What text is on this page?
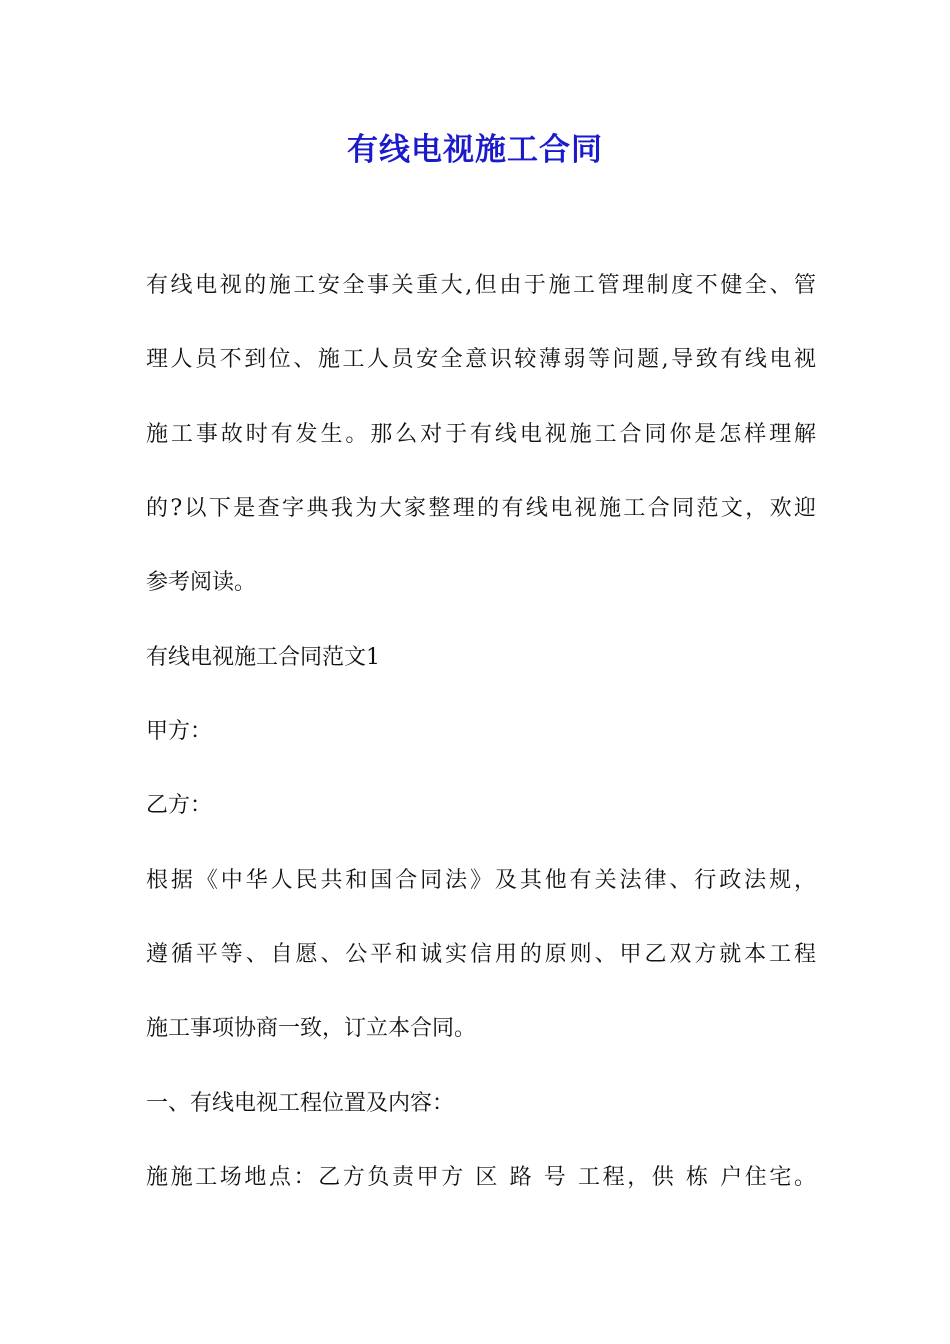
有线电视施工合同

有线电视的施工安全事关重大,但由于施工管理制度不健全、管

理人员不到位、施工人员安全意识较薄弱等问题,导致有线电视

施工事故时有发生。那么对于有线电视施工合同你是怎样理解

的?以下是查字典我为大家整理的有线电视施工合同范文，欢迎

参考阅读。

有线电视施工合同范文1

甲方：

乙方：

根据《中华人民共和国合同法》及其他有关法律、行政法规，

遵循平等、自愿、公平和诚实信用的原则、甲乙双方就本工程

施工事项协商一致，订立本合同。

一、有线电视工程位置及内容：

施施工场地点：乙方负责甲方 区 路 号 工程，供 栋 户住宅。
